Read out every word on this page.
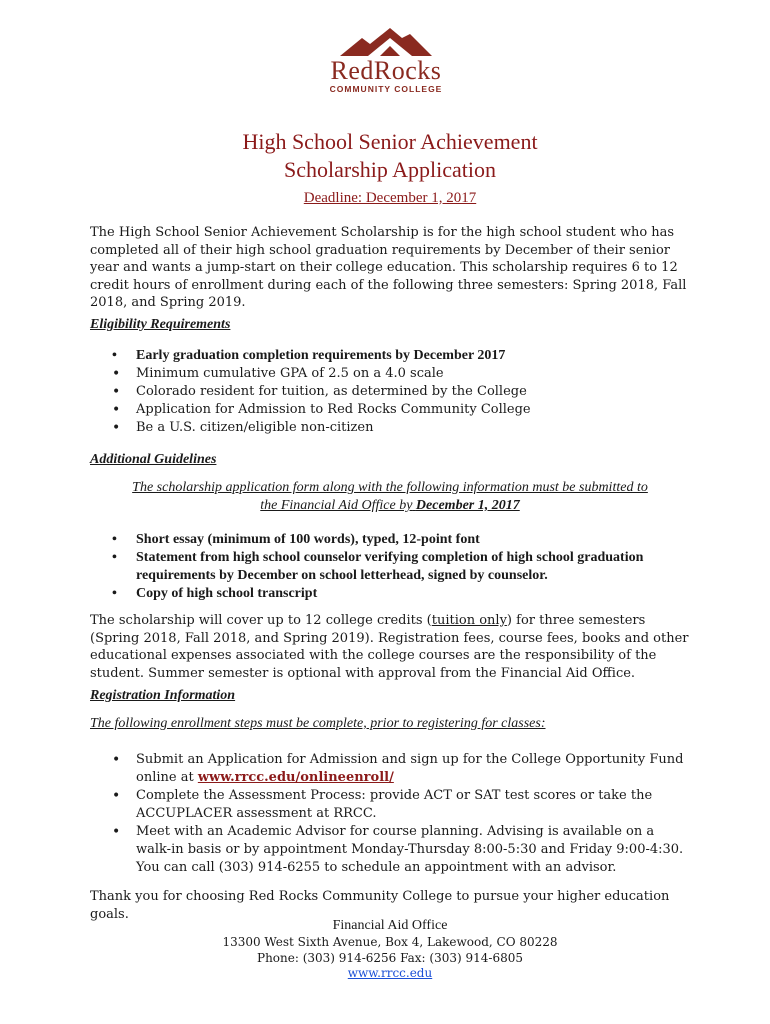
RedRocks
COMMUNITY COLLEGE
High School Senior Achievement
Scholarship Application
Deadline: December 1, 2017
The High School Senior Achievement Scholarship is for the high school student who has completed all of their high school graduation requirements by December of their senior year and wants a jump-start on their college education. This scholarship requires 6 to 12 credit hours of enrollment during each of the following three semesters: Spring 2018, Fall 2018, and Spring 2019.
Eligibility Requirements
• Early graduation completion requirements by December 2017
• Minimum cumulative GPA of 2.5 on a 4.0 scale
• Colorado resident for tuition, as determined by the College
• Application for Admission to Red Rocks Community College
• Be a U.S. citizen/eligible non-citizen
Additional Guidelines
The scholarship application form along with the following information must be submitted to
the Financial Aid Office by December 1, 2017
• Short essay (minimum of 100 words), typed, 12-point font
• Statement from high school counselor verifying completion of high school graduation requirements by December on school letterhead, signed by counselor.
• Copy of high school transcript
The scholarship will cover up to 12 college credits (tuition only) for three semesters (Spring 2018, Fall 2018, and Spring 2019). Registration fees, course fees, books and other educational expenses associated with the college courses are the responsibility of the student. Summer semester is optional with approval from the Financial Aid Office.
Registration Information
The following enrollment steps must be complete, prior to registering for classes:
• Submit an Application for Admission and sign up for the College Opportunity Fund online at www.rrcc.edu/onlineenroll/
• Complete the Assessment Process: provide ACT or SAT test scores or take the ACCUPLACER assessment at RRCC.
• Meet with an Academic Advisor for course planning. Advising is available on a walk-in basis or by appointment Monday-Thursday 8:00-5:30 and Friday 9:00-4:30. You can call (303) 914-6255 to schedule an appointment with an advisor.
Thank you for choosing Red Rocks Community College to pursue your higher education goals.
Financial Aid Office
13300 West Sixth Avenue, Box 4, Lakewood, CO 80228
Phone: (303) 914-6256 Fax: (303) 914-6805
www.rrcc.edu
